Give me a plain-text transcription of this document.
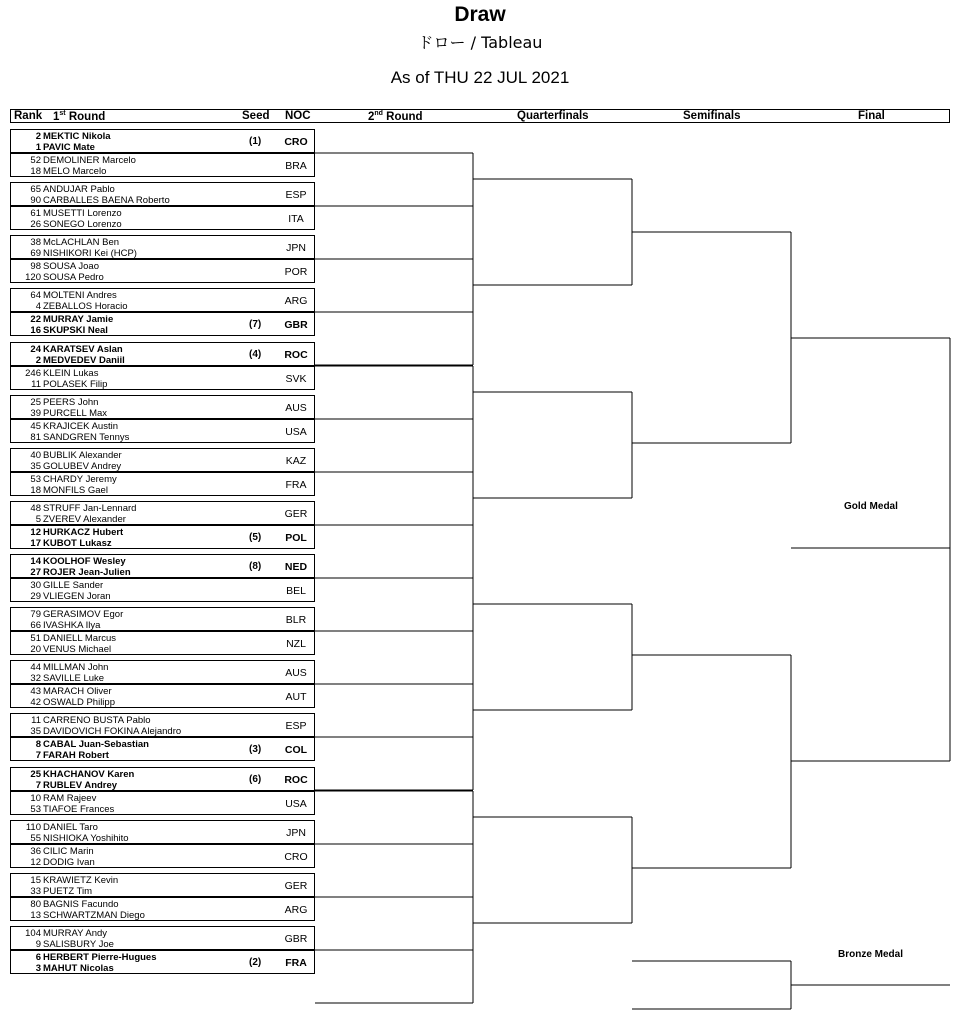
Draw
ドロー / Tableau
As of THU 22 JUL 2021
Rank 1st Round	Seed NOC	2nd Round	Quarterfinals	Semifinals	Final
2 MEKTIC Nikola
1 PAVIC Mate
(1)	CRO
52 DEMOLINER Marcelo
18 MELO Marcelo	BRA
65 ANDUJAR Pablo
90 CARBALLES BAENA Roberto	ESP
61 MUSETTI Lorenzo
26 SONEGO Lorenzo	ITA
38 McLACHLAN Ben
69 NISHIKORI Kei (HCP)	JPN
98 SOUSA Joao
120 SOUSA Pedro	POR
64 MOLTENI Andres
4 ZEBALLOS Horacio	ARG
22 MURRAY Jamie
16 SKUPSKI Neal
(7)	GBR
24 KARATSEV Aslan
2 MEDVEDEV Daniil
(4)	ROC
246 KLEIN Lukas
11 POLASEK Filip	SVK
25 PEERS John
39 PURCELL Max	AUS
45 KRAJICEK Austin
81 SANDGREN Tennys	USA
40 BUBLIK Alexander
35 GOLUBEV Andrey	KAZ
53 CHARDY Jeremy
18 MONFILS Gael	FRA
48 STRUFF Jan-Lennard
5 ZVEREV Alexander	GER
12 HURKACZ Hubert
17 KUBOT Lukasz
(5)	POL
14 KOOLHOF Wesley
27 ROJER Jean-Julien
(8)	NED
30 GILLE Sander
29 VLIEGEN Joran	BEL
79 GERASIMOV Egor
66 IVASHKA Ilya	BLR
51 DANIELL Marcus
20 VENUS Michael	NZL
44 MILLMAN John
32 SAVILLE Luke	AUS
43 MARACH Oliver
42 OSWALD Philipp	AUT
11 CARRENO BUSTA Pablo
35 DAVIDOVICH FOKINA Alejandro	ESP
8 CABAL Juan-Sebastian
7 FARAH Robert
(3)	COL
25 KHACHANOV Karen
7 RUBLEV Andrey
(6)	ROC
10 RAM Rajeev
53 TIAFOE Frances	USA
110 DANIEL Taro
55 NISHIOKA Yoshihito	JPN
36 CILIC Marin
12 DODIG Ivan	CRO
15 KRAWIETZ Kevin
33 PUETZ Tim	GER
80 BAGNIS Facundo
13 SCHWARTZMAN Diego	ARG
104 MURRAY Andy
9 SALISBURY Joe	GBR
6 HERBERT Pierre-Hugues
3 MAHUT Nicolas
(2)	FRA
Gold Medal
Bronze Medal
